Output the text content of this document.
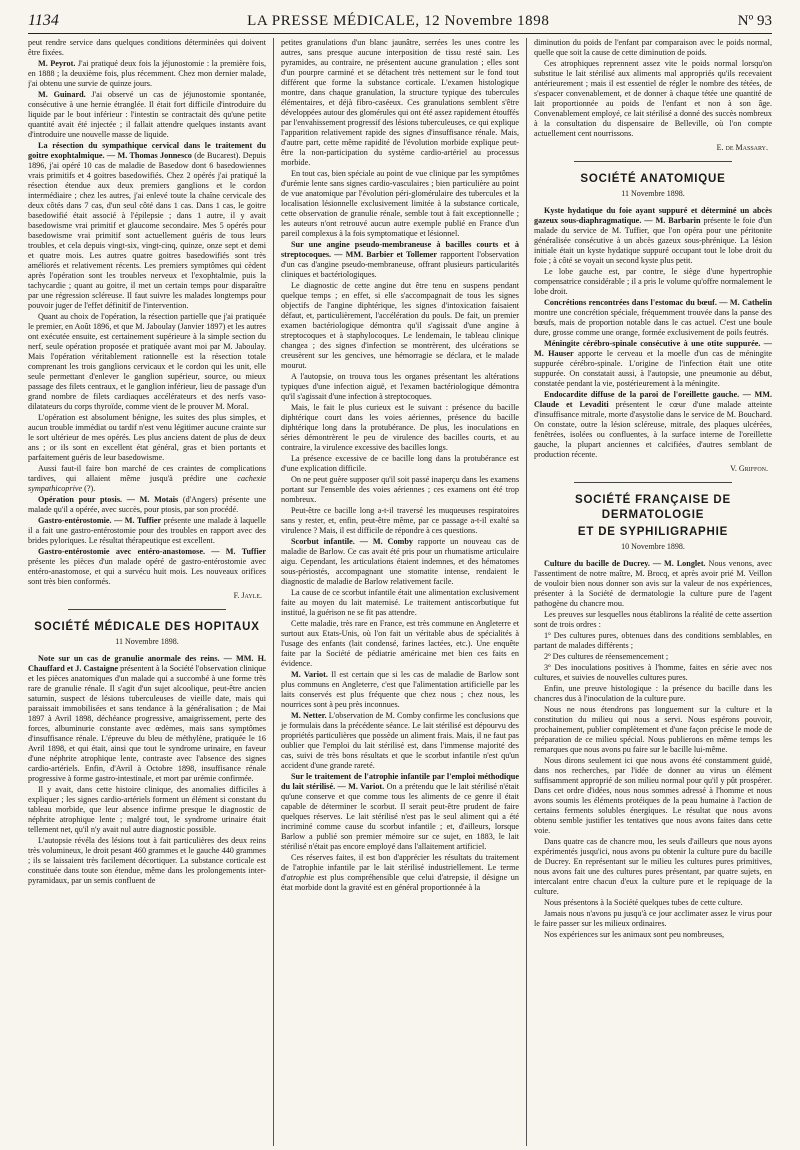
1134	LA PRESSE MÉDICALE, 12 Novembre 1898	Nº 93

peut rendre service dans quelques conditions déterminées qui doivent être fixées.

M. Peyrot. J'ai pratiqué deux fois la jéjunostomie : la première fois, en 1888 ; la deuxième fois, plus récemment. Chez mon dernier malade, j'ai obtenu une survie de quinze jours.

M. Guinard. J'ai observé un cas de jéjunostomie spontanée, consécutive à une hernie étranglée. Il était fort difficile d'introduire du liquide par le bout inférieur : l'intestin se contractait dès qu'une petite quantité avait été injectée ; il fallait attendre quelques instants avant d'introduire une nouvelle masse de liquide.

La résection du sympathique cervical dans le traitement du goitre exophtalmique. — M. Thomas Jonnesco (de Bucarest). Depuis 1896, j'ai opéré 10 cas de maladie de Basedow dont 6 basedowiennes vrais primitifs et 4 goitres basedowifiés. Chez 2 opérés j'ai pratiqué la résection étendue aux deux premiers ganglions et le cordon intermédiaire ; chez les autres, j'ai enlevé toute la chaîne cervicale des deux côtés dans 7 cas, d'un seul côté dans 1 cas. Dans 1 cas, le goitre basedowifié était associé à l'épilepsie ; dans 1 autre, il y avait basedowisme vrai primitif et glaucome secondaire. Mes 5 opérés pour basedowisme vrai primitif sont actuellement guéris de tous leurs troubles, et cela depuis vingt-six, vingt-cinq, quinze, onze sept et demi et quatre mois. Les autres quatre goitres basedowifiés sont très améliorés et relativement récents. Les premiers symptômes qui cèdent après l'opération sont les troubles nerveux et l'exophtalmie, puis la tachycardie ; quant au goitre, il met un certain temps pour disparaître par une régression scléreuse. Il faut suivre les malades longtemps pour pouvoir juger de l'effet définitif de l'intervention.

Quant au choix de l'opération, la résection partielle que j'ai pratiquée le premier, en Août 1896, et que M. Jaboulay (Janvier 1897) et les autres ont exécutée ensuite, est certainement supérieure à la simple section du nerf, seule opération proposée et pratiquée avant moi par M. Jaboulay. Mais l'opération véritablement rationnelle est la résection totale comprenant les trois ganglions cervicaux et le cordon qui les unit, elle seule permettant d'enlever le ganglion supérieur, source, ou mieux passage des filets centraux, et le ganglion inférieur, lieu de passage d'un grand nombre de filets cardiaques accélérateurs et des nerfs vaso-dilatateurs du corps thyroïde, comme vient de le prouver M. Moral.

L'opération est absolument bénigne, les suites des plus simples, et aucun trouble immédiat ou tardif n'est venu légitimer aucune crainte sur le sort ultérieur de mes opérés. Les plus anciens datent de plus de deux ans ; or ils sont en excellent état général, gras et bien portants et parfaitement guéris de leur basedowisme.

Aussi faut-il faire bon marché de ces craintes de complications tardives, qui allaient même jusqu'à prédire une cachexie sympathicoprive (?).

Opération pour ptosis. — M. Motais (d'Angers) présente une malade qu'il a opérée, avec succès, pour ptosis, par son procédé.

Gastro-entérostomie. — M. Tuffier présente une malade à laquelle il a fait une gastro-entérostomie pour des troubles en rapport avec des brides pyloriques. Le résultat thérapeutique est excellent.

Gastro-entérostomie avec entéro-anastomose. — M. Tuffier présente les pièces d'un malade opéré de gastro-entérostomie avec entéro-anastomose, et qui a survécu huit mois. Les nouveaux orifices sont très bien conformés.

F. Jayle.

SOCIÉTÉ MÉDICALE DES HOPITAUX
11 Novembre 1898.

Note sur un cas de granulie anormale des reins. — MM. H. Chauffard et J. Castaigne présentent à la Société l'observation clinique et les pièces anatomiques d'un malade qui a succombé à une forme très rare de granulie rénale. Il s'agit d'un sujet alcoolique, peut-être ancien saturnin, suspect de lésions tuberculeuses de vieille date, mais qui paraissait immobilisées et sans tendance à la généralisation ; de Mai 1897 à Avril 1898, déchéance progressive, amaigrissement, perte des forces, albuminurie constante avec œdèmes, mais sans symptômes d'insuffisance rénale. L'épreuve du bleu de méthylène, pratiquée le 16 Avril 1898, et qui était, ainsi que tout le syndrome urinaire, en faveur d'une néphrite atrophique lente, contraste avec l'absence des signes cardio-artériels. Enfin, d'Avril à Octobre 1898, insuffisance rénale progressive à forme gastro-intestinale, et mort par urémie confirmée.

Il y avait, dans cette histoire clinique, des anomalies difficiles à expliquer ; les signes cardio-artériels forment un élément si constant du tableau morbide, que leur absence infirme presque le diagnostic de néphrite atrophique lente ; malgré tout, le syndrome urinaire était tellement net, qu'il n'y avait nul autre diagnostic possible.

L'autopsie révéla des lésions tout à fait particulières des deux reins très volumineux, le droit pesant 460 grammes et le gauche 440 grammes ; ils se laissaient très facilement décortiquer. La substance corticale est constituée dans toute son étendue, même dans les prolongements inter-pyramidaux, par un semis confluent de

petites granulations d'un blanc jaunâtre, serrées les unes contre les autres, sans presque aucune interposition de tissu resté sain. Les pyramides, au contraire, ne présentent aucune granulation ; elles sont d'un pourpre carminé et se détachent très nettement sur le fond tout différent que forme la substance corticale. L'examen histologique montre, dans chaque granulation, la structure typique des tubercules élémentaires, et déjà fibro-caséeux. Ces granulations semblent s'être développées autour des glomérules qui ont été assez rapidement étouffés par l'envahissement progressif des lésions tuberculeuses, ce qui explique l'apparition relativement rapide des signes d'insuffisance rénale. Mais, d'autre part, cette même rapidité de l'évolution morbide explique peut-être la non-participation du système cardio-artériel au processus morbide.

En tout cas, bien spéciale au point de vue clinique par les symptômes d'urémie lente sans signes cardio-vasculaires ; bien particulière au point de vue anatomique par l'évolution péri-glomérulaire des tubercules et la localisation lésionnelle exclusivement limitée à la substance corticale, cette observation de granulie rénale, semble tout à fait exceptionnelle ; les auteurs n'ont retrouvé aucun autre exemple publié en France d'un pareil complexus à la fois symptomatique et lésionnel.

Sur une angine pseudo-membraneuse à bacilles courts et à streptocoques. — MM. Barbier et Tollemer rapportent l'observation d'un cas d'angine pseudo-membraneuse, offrant plusieurs particularités cliniques et bactériologiques.

Le diagnostic de cette angine dut être tenu en suspens pendant quelque temps ; en effet, si elle s'accompagnait de tous les signes objectifs de l'angine diphtérique, les signes d'intoxication faisaient défaut, et, particulièrement, l'accélération du pouls. De fait, un premier examen bactériologique démontra qu'il s'agissait d'une angine à streptocoques et à staphylocoques. Le lendemain, le tableau clinique changea ; des signes d'infection se montrèrent, des ulcérations se creusèrent sur les gencives, une hémorragie se déclara, et le malade mourut.

A l'autopsie, on trouva tous les organes présentant les altérations typiques d'une infection aiguë, et l'examen bactériologique démontra qu'il s'agissait d'une infection à streptocoques.

Mais, le fait le plus curieux est le suivant : présence du bacille diphtérique court dans les voies aériennes, présence du bacille diphtérique long dans la protubérance. De plus, les inoculations en séries démontrèrent le peu de virulence des bacilles courts, et au contraire, la virulence excessive des bacilles longs.

La présence excessive de ce bacille long dans la protubérance est d'une explication difficile.

On ne peut guère supposer qu'il soit passé inaperçu dans les examens portant sur l'ensemble des voies aériennes ; ces examens ont été trop nombreux.

Peut-être ce bacille long a-t-il traversé les muqueuses respiratoires sans y rester, et, enfin, peut-être même, par ce passage a-t-il exalté sa virulence ? Mais, il est difficile de répondre à ces questions.

Scorbut infantile. — M. Comby rapporte un nouveau cas de maladie de Barlow. Ce cas avait été pris pour un rhumatisme articulaire aigu. Cependant, les articulations étaient indemnes, et des hématomes sous-périostés, accompagnant une stomatite intense, rendaient le diagnostic de maladie de Barlow relativement facile.

La cause de ce scorbut infantile était une alimentation exclusivement faite au moyen du lait maternisé. Le traitement antiscorbutique fut institué, la guérison ne se fit pas attendre.

Cette maladie, très rare en France, est très commune en Angleterre et surtout aux Etats-Unis, où l'on fait un véritable abus de spécialités à l'usage des enfants (lait condensé, farines lactées, etc.). Une enquête faite par la Société de pédiatrie américaine met bien ces faits en évidence.

M. Variot. Il est certain que si les cas de maladie de Barlow sont plus communs en Angleterre, c'est que l'alimentation artificielle par les laits conservés est plus fréquente que chez nous ; chez nous, les nourrices sont à peu près inconnues.

M. Netter. L'observation de M. Comby confirme les conclusions que je formulais dans la précédente séance. Le lait stérilisé est dépourvu des propriétés particulières que possède un aliment frais. Mais, il ne faut pas oublier que l'emploi du lait stérilisé est, dans l'immense majorité des cas, suivi de très bons résultats et que le scorbut infantile n'est qu'un accident d'une grande rareté.

Sur le traitement de l'atrophie infantile par l'emploi méthodique du lait stérilisé. — M. Variot. On a prétendu que le lait stérilisé n'était qu'une conserve et que comme tous les aliments de ce genre il était capable de déterminer le scorbut. Il serait peut-être prudent de faire quelques réserves. Le lait stérilisé n'est pas le seul aliment qui a été incriminé comme cause du scorbut infantile ; et, d'ailleurs, lorsque Barlow a publié son premier mémoire sur ce sujet, en 1883, le lait stérilisé n'était pas encore employé dans l'allaitement artificiel.

Ces réserves faites, il est bon d'apprécier les résultats du traitement de l'atrophie infantile par le lait stérilisé industriellement. Le terme d'atrophie est plus compréhensible que celui d'atrepsie, il désigne un état morbide dont la gravité est en général proportionnée à la

diminution du poids de l'enfant par comparaison avec le poids normal, quelle que soit la cause de cette diminution de poids.

Ces atrophiques reprennent assez vite le poids normal lorsqu'on substitue le lait stérilisé aux aliments mal appropriés qu'ils recevaient antérieurement ; mais il est essentiel de régler le nombre des tétées, de s'espacer convenablement, et de donner à chaque tétée une quantité de lait proportionnée au poids de l'enfant et non à son âge. Convenablement employé, ce lait stérilisé a donné des succès nombreux à la consultation du dispensaire de Belleville, où l'on compte actuellement cent nourrissons.

E. de Massary.

SOCIÉTÉ ANATOMIQUE
11 Novembre 1898.

Kyste hydatique du foie ayant suppuré et déterminé un abcès gazeux sous-diaphragmatique. — M. Barbarin présente le foie d'un malade du service de M. Tuffier, que l'on opéra pour une péritonite généralisée consécutive à un abcès gazeux sous-phrénique. La lésion initiale était un kyste hydatique suppuré occupant tout le lobe droit du foie ; à côté se voyait un second kyste plus petit.

Le lobe gauche est, par contre, le siège d'une hypertrophie compensatrice considérable ; il a pris le volume qu'offre normalement le lobe droit.

Concrétions rencontrées dans l'estomac du bœuf. — M. Cathelin montre une concrétion spéciale, fréquemment trouvée dans la panse des bœufs, mais de proportion notable dans le cas actuel. C'est une boule dure, grosse comme une orange, formée exclusivement de poils feutrés.

Méningite cérébro-spinale consécutive à une otite suppurée. — M. Hauser apporte le cerveau et la moelle d'un cas de méningite suppurée cérébro-spinale. L'origine de l'infection était une otite suppurée. On constatait aussi, à l'autopsie, une pneumonie au début, constatée pendant la vie, postérieurement à la méningite.

Endocardite diffuse de la paroi de l'oreillette gauche. — MM. Claude et Levaditi présentent le cœur d'une malade atteinte d'insuffisance mitrale, morte d'asystolie dans le service de M. Bouchard. On constate, outre la lésion scléreuse, mitrale, des plaques ulcérées, fenêtrées, isolées ou confluentes, à la surface interne de l'oreillette gauche, la plupart anciennes et calcifiées, d'autres semblant de production récente.

V. Griffon.

SOCIÉTÉ FRANÇAISE DE DERMATOLOGIE
ET DE SYPHILIGRAPHIE
10 Novembre 1898.

Culture du bacille de Ducrey. — M. Longlet. Nous venons, avec l'assentiment de notre maître, M. Brocq, et après avoir prié M. Veillon de vouloir bien nous donner son avis sur la valeur de nos expériences, présenter à la Société de dermatologie la culture pure de l'agent pathogène du chancre mou.

Les preuves sur lesquelles nous établirons la réalité de cette assertion sont de trois ordres :

1º Des cultures pures, obtenues dans des conditions semblables, en partant de malades différents ;

2º Des cultures de réensemencement ;

3º Des inoculations positives à l'homme, faites en série avec nos cultures, et suivies de nouvelles cultures pures.

Enfin, une preuve histologique : la présence du bacille dans les chancres dus à l'inoculation de la culture pure.

Nous ne nous étendrons pas longuement sur la culture et la constitution du milieu qui nous a servi. Nous espérons pouvoir, prochainement, publier complètement et d'une façon précise le mode de préparation de ce milieu spécial. Nous publierons en même temps les remarques que nous avons pu faire sur le bacille lui-même.

Nous dirons seulement ici que nous avons été constamment guidé, dans nos recherches, par l'idée de donner au virus un élément suffisamment approprié de son milieu normal pour qu'il y pût prospérer. Dans cet ordre d'idées, nous nous sommes adressé à l'homme et nous avons soumis les éléments protéiques de la peau humaine à l'action de certains ferments solubles énergiques. Le résultat que nous avons obtenu semble justifier les tentatives que nous avons faites dans cette voie.

Dans quatre cas de chancre mou, les seuls d'ailleurs que nous ayons expérimentés jusqu'ici, nous avons pu obtenir la culture pure du bacille de Ducrey. En représentant sur le milieu les cultures pures primitives, nous avons fait une des cultures pures présentant, par quatre sujets, en intercalant entre chacun d'eux la culture pure et le repiquage de la culture.

Nous présentons à la Société quelques tubes de cette culture.

Jamais nous n'avons pu jusqu'à ce jour acclimater assez le virus pour le faire passer sur les milieux ordinaires.

Nos expériences sur les animaux sont peu nombreuses,
